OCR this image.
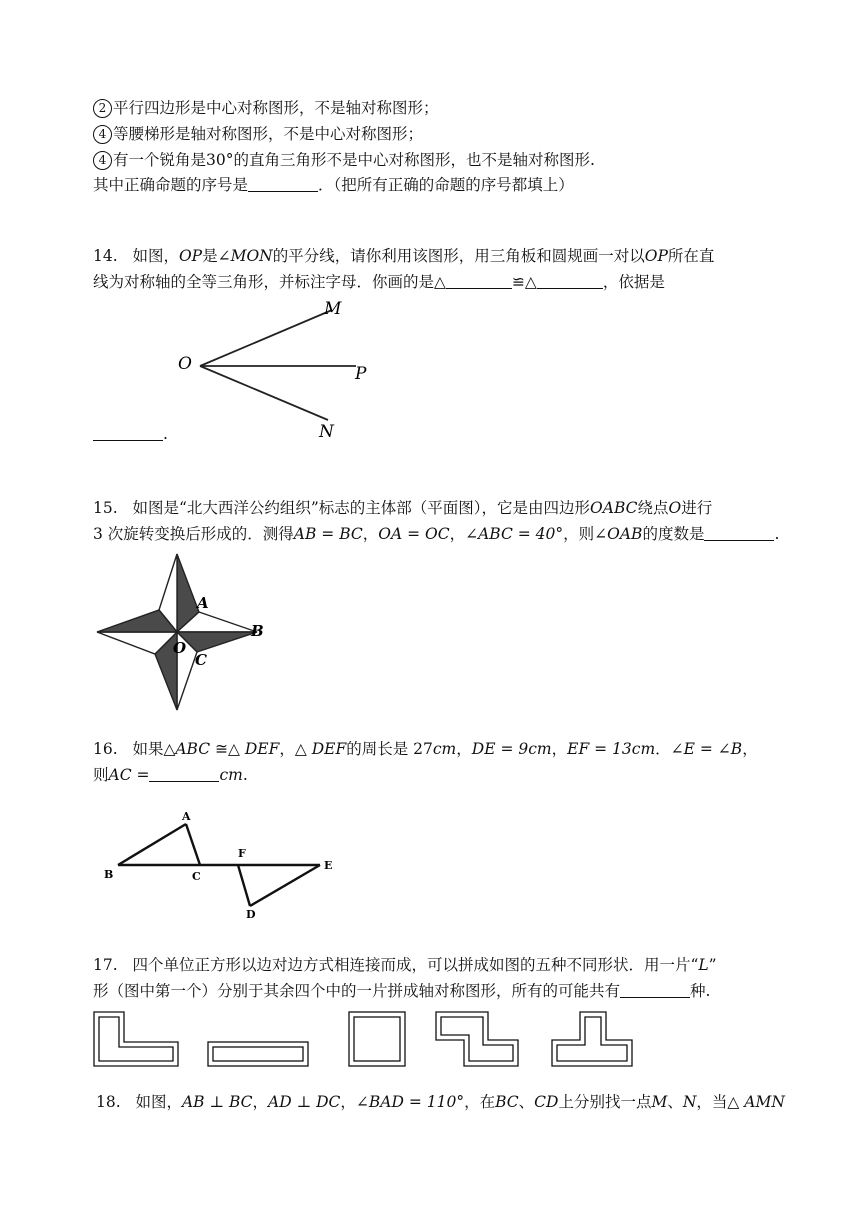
2 平行四边形是中心对称图形，不是轴对称图形；
4 等腰梯形是轴对称图形，不是中心对称图形；
4 有一个锐角是30°的直角三角形不是中心对称图形，也不是轴对称图形.
其中正确命题的序号是	．（把所有正确的命题的序号都填上）
14. 如图，OP是∠MON的平分线，请你利用该图形，用三角板和圆规画一对以OP所在直
线为对称轴的全等三角形，并标注字母．你画的是△	≌△	，依据是
.
O
M
P
N
15. 如图是“北大西洋公约组织”标志的主体部（平面图），它是由四边形OABC绕点O进行
3 次旋转变换后形成的．测得AB = BC，OA = OC，∠ABC = 40°，则∠OAB的度数是	.
A
B
O
C
16. 如果△ABC ≅△ DEF，△ DEF的周长是 27cm，DE = 9cm，EF = 13cm．∠E = ∠B，
则AC =	cm.
A
B	C
F
E
D
17. 四个单位正方形以边对边方式相连接而成，可以拼成如图的五种不同形状．用一片“L”
形（图中第一个）分别于其余四个中的一片拼成轴对称图形，所有的可能共有	种.
18. 如图，AB ⊥ BC，AD ⊥ DC，∠BAD = 110°，在BC、CD上分别找一点M、N，当△ AMN
